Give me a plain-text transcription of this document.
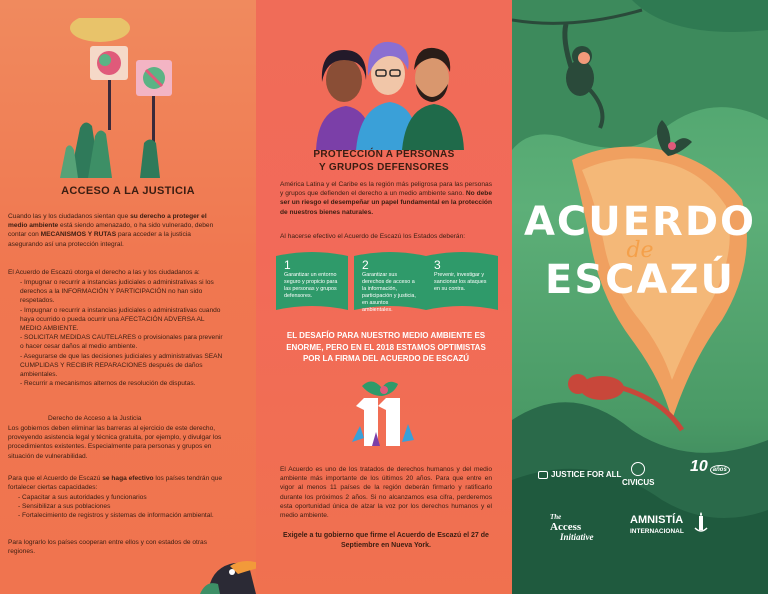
ACCESO A LA JUSTICIA
Cuando las y los ciudadanos sientan que su derecho a proteger el medio ambiente está siendo amenazado, o ha sido vulnerado, deben contar con MECANISMOS Y RUTAS para acceder a la justicia asegurando así una protección integral.
El Acuerdo de Escazú otorga el derecho a las y los ciudadanos a:
- Impugnar o recurrir a instancias judiciales o administrativas si los derechos a la INFORMACIÓN Y PARTICIPACIÓN no han sido respetados.
- Impugnar o recurrir a instancias judiciales o administrativas cuando haya ocurrido o pueda ocurrir una AFECTACIÓN ADVERSA AL MEDIO AMBIENTE.
- SOLICITAR MEDIDAS CAUTELARES o provisionales para prevenir o hacer cesar daños al medio ambiente.
- Asegurarse de que las decisiones judiciales y administrativas SEAN CUMPLIDAS Y RECIBIR REPARACIONES después de daños ambientales.
- Recurrir a mecanismos alternos de resolución de disputas.
Derecho de Acceso a la Justicia
Los gobiernos deben eliminar las barreras al ejercicio de este derecho, proveyendo asistencia legal y técnica gratuita, por ejemplo, y divulgar los procedimientos existentes. Especialmente para personas y grupos en situación de vulnerabilidad.
Para que el Acuerdo de Escazú se haga efectivo los países tendrán que fortalecer ciertas capacidades:
- Capacitar a sus autoridades y funcionarios
- Sensibilizar a sus poblaciones
- Fortalecimiento de registros y sistemas de información ambiental.
Para lograrlo los países cooperan entre ellos y con estados de otras regiones.
PROTECCIÓN A PERSONAS
Y GRUPOS DEFENSORES
América Latina y el Caribe es la región más peligrosa para las personas y grupos que defienden el derecho a un medio ambiente sano. No debe ser un riesgo el desempeñar un papel fundamental en la protección de nuestros bienes naturales.
Al hacerse efectivo el Acuerdo de Escazú los Estados deberán:
1
Garantizar un entorno seguro y propicio para las personas y grupos defensores.
2
Garantizar sus derechos de acceso a la información, participación y justicia, en asuntos ambientales.
3
Prevenir, investigar y sancionar los ataques en su contra.
EL DESAFÍO PARA NUESTRO MEDIO AMBIENTE ES ENORME, PERO EN EL 2018 ESTAMOS OPTIMISTAS POR LA FIRMA DEL ACUERDO DE ESCAZÚ
El Acuerdo es uno de los tratados de derechos humanos y del medio ambiente más importante de los últimos 20 años. Para que entre en vigor al menos 11 países de la región deberán firmarlo y ratificarlo durante los próximos 2 años. Si no alcanzamos esa cifra, perderemos esta oportunidad única de alzar la voz por los derechos humanos y el medio ambiente.
Exigele a tu gobierno que firme el Acuerdo de Escazú el 27 de Septiembre en Nueva York.
ACUERDO
de
ESCAZÚ
JUSTICE FOR ALL
CIVICUS
10 años
The
Access
Initiative
AMNISTÍA
INTERNACIONAL
